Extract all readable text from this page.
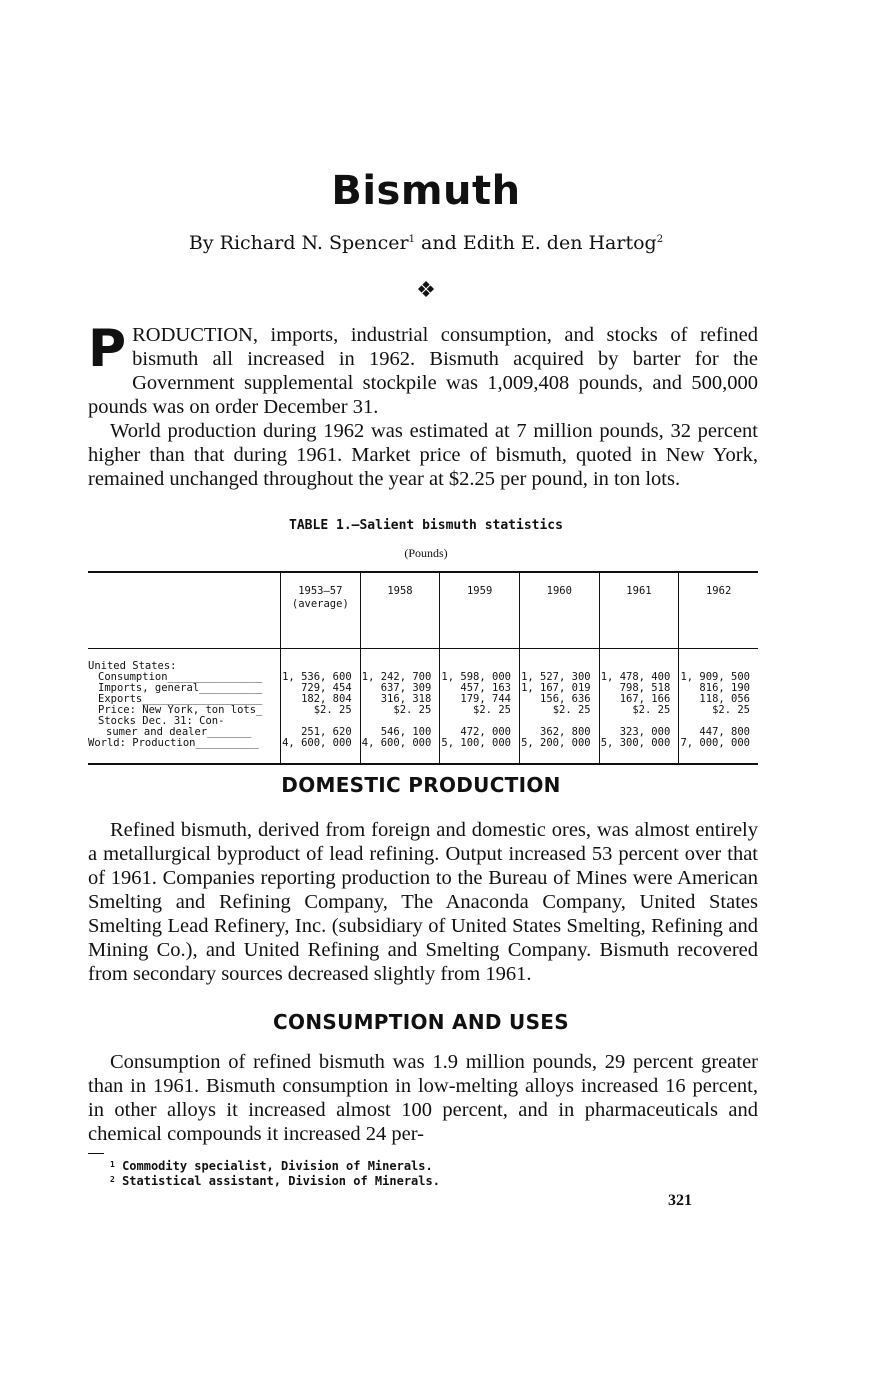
Bismuth
By Richard N. Spencer$^1$ and Edith E. den Hartog$^2$
❖

PRODUCTION, imports, industrial consumption, and stocks of refined bismuth all increased in 1962. Bismuth acquired by barter for the Government supplemental stockpile was 1,009,408 pounds, and 500,000 pounds was on order December 31.

World production during 1962 was estimated at 7 million pounds, 32 percent higher than that during 1961. Market price of bismuth, quoted in New York, remained unchanged throughout the year at $2.25 per pound, in ton lots.

TABLE 1.—Salient bismuth statistics
(Pounds)
	1953–57 (average)	1958	1959	1960	1961	1962

United States:						
Consumption_______________	1, 536, 600	1, 242, 700	1, 598, 000	1, 527, 300	1, 478, 400	1, 909, 500
Imports, general__________	729, 454	637, 309	457, 163	1, 167, 019	798, 518	816, 190
Exports___________________	182, 804	316, 318	179, 744	156, 636	167, 166	118, 056
Price: New York, ton lots_	$2. 25	$2. 25	$2. 25	$2. 25	$2. 25	$2. 25
Stocks Dec. 31: Con-						
sumer and dealer_______	251, 620	546, 100	472, 000	362, 800	323, 000	447, 800
World: Production__________	4, 600, 000	4, 600, 000	5, 100, 000	5, 200, 000	5, 300, 000	7, 000, 000
DOMESTIC PRODUCTION

Refined bismuth, derived from foreign and domestic ores, was almost entirely a metallurgical byproduct of lead refining. Output increased 53 percent over that of 1961. Companies reporting production to the Bureau of Mines were American Smelting and Refining Company, The Anaconda Company, United States Smelting Lead Refinery, Inc. (subsidiary of United States Smelting, Refining and Mining Co.), and United Refining and Smelting Company. Bismuth recovered from secondary sources decreased slightly from 1961.

CONSUMPTION AND USES

Consumption of refined bismuth was 1.9 million pounds, 29 percent greater than in 1961. Bismuth consumption in low-melting alloys increased 16 percent, in other alloys it increased almost 100 percent, and in pharmaceuticals and chemical compounds it increased 24 per-

$^1$ Commodity specialist, Division of Minerals.
$^2$ Statistical assistant, Division of Minerals.
321
